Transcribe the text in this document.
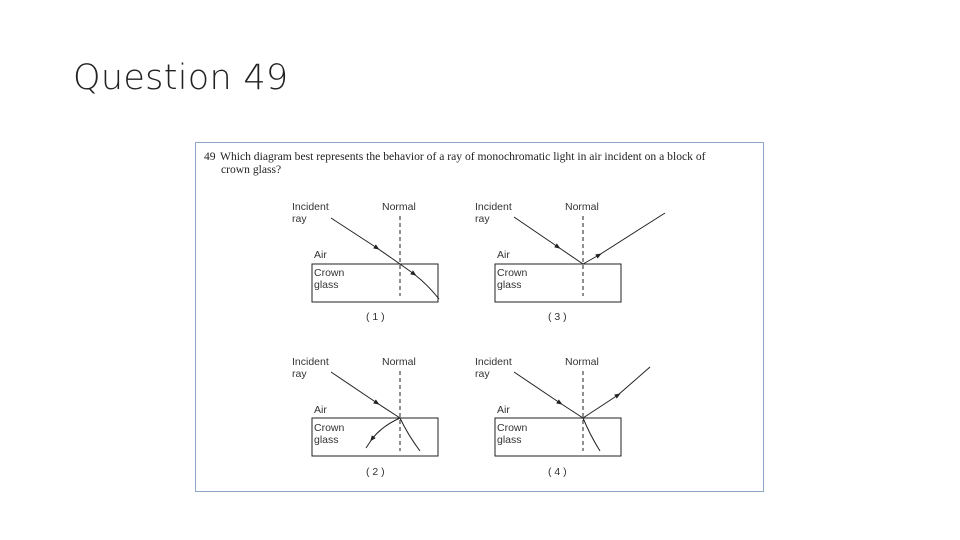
Question 49
49 Which diagram best represents the behavior of a ray of monochromatic light in air incident on a block of
crown glass?
Incident
ray
Normal
Air
Crown
glass
( 1 )
Incident
ray
Normal
Air
Crown
glass
( 3 )
Incident
ray
Normal
Air
Crown
glass
( 2 )
Incident
ray
Normal
Air
Crown
glass
( 4 )
